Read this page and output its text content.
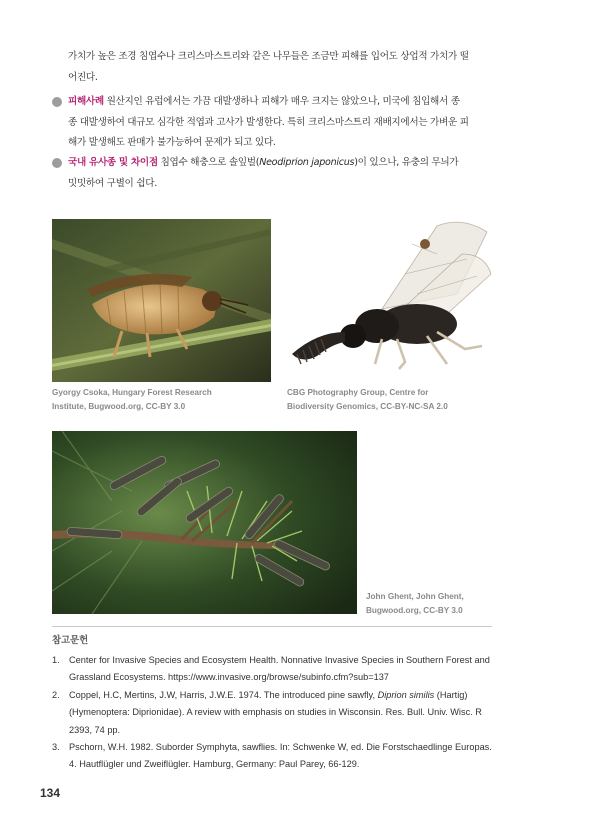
가치가 높은 조경 침엽수나 크리스마스트리와 같은 나무들은 조금만 피해를 입어도 상업적 가치가 떨
어진다.
피해사례 원산지인 유럽에서는 가끔 대발생하나 피해가 매우 크지는 않았으나, 미국에 침입해서 종
종 대발생하여 대규모 심각한 적엽과 고사가 발생한다. 특히 크리스마스트리 재배지에서는 가벼운 피
해가 발생해도 판매가 불가능하여 문제가 되고 있다.
국내 유사종 및 차이점 침엽수 해충으로 솔잎벌(Neodiprion japonicus)이 있으나, 유충의 무늬가
밋밋하여 구별이 쉽다.
Gyorgy Csoka, Hungary Forest Research
Institute, Bugwood.org, CC-BY 3.0
CBG Photography Group, Centre for
Biodiversity Genomics, CC-BY-NC-SA 2.0
John Ghent, John Ghent,
Bugwood.org, CC-BY 3.0
참고문헌
1. Center for Invasive Species and Ecosystem Health. Nonnative Invasive Species in Southern Forest and Grassland Ecosystems. https://www.invasive.org/browse/subinfo.cfm?sub=137
2. Coppel, H.C, Mertins, J.W, Harris, J.W.E. 1974. The introduced pine sawfly, Diprion similis (Hartig) (Hymenoptera: Diprionidae). A review with emphasis on studies in Wisconsin. Res. Bull. Univ. Wisc. R 2393, 74 pp.
3. Pschorn, W.H. 1982. Suborder Symphyta, sawflies. In: Schwenke W, ed. Die Forstschaedlinge Europas. 4. Hautflügler und Zweiflügler. Hamburg, Germany: Paul Parey, 66-129.
134
